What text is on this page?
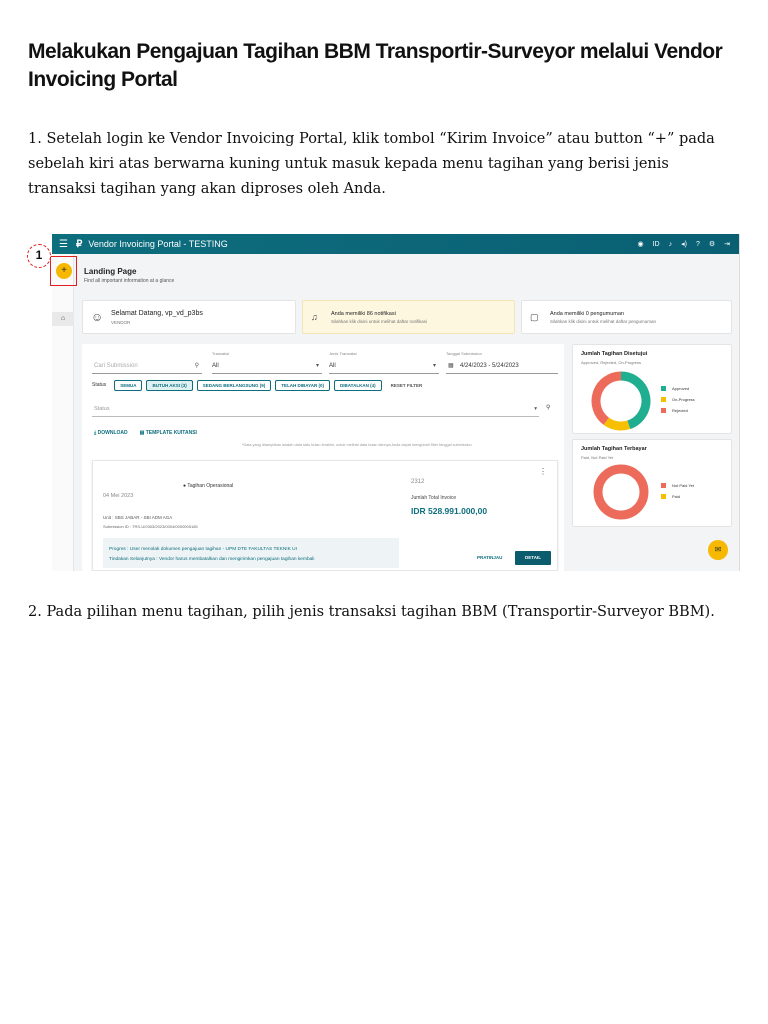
Melakukan Pengajuan Tagihan BBM Transportir-Surveyor melalui Vendor Invoicing Portal
1. Setelah login ke Vendor Invoicing Portal, klik tombol “Kirim Invoice” atau button “+” pada sebelah kiri atas berwarna kuning untuk masuk kepada menu tagihan yang berisi jenis transaksi tagihan yang akan diproses oleh Anda.
☰ ₽ Vendor Invoicing Portal - TESTING	◉ ID ♪ ◂) ? ⚙ ⇥
+
⌂
Landing Page
Find all important information at a glance
☺ Selamat Datang, vp_vd_p3bs
VENDOR
♫ Anda memiliki 86 notifikasi
Silahkan klik disini untuk melihat daftar notifikasi	▢ Anda memiliki 0 pengumuman
Silahkan klik disini untuk melihat daftar pengumuman
Cari Submission	⚲
Transaksi
All	▾
Jenis Transaksi
All	▾
Tanggal Submission
4/24/2023 - 5/24/2023
▦
Status	SEMUA	BUTUH AKSI (3)	SEDANG BERLANGSUNG (9)	TELAH DIBAYAR (0)	DIBATALKAN (4)	RESET FILTER
Status	▾ ⚲
⤓ DOWNLOAD ▤ TEMPLATE KUITANSI
*Data yang ditampilkan adalah data satu bulan terakhir, untuk melihat data bulan lainnya Anda dapat mengubah filter tanggal submission
⋮
● Tagihan Operasional
04 Mei 2023
Unit : SBS JABAR - SBI ADM AGA
Submission ID : TRS-U/0303/2023/0004/0000005165
Progres : User menolak dokumen pengajuan tagihan - UPM DTE FAKULTAS TEKNIK UI
Tindakan Selanjutnya : Vendor harus membatalkan dan mengirimkan pengajuan tagihan kembali
2312
Jumlah Total Invoice
IDR 528.991.000,00
PRATINJAU	DETAIL
Jumlah Tagihan Disetujui
Approved, Rejected, On-Progress
Approved
On-Progress
Rejected
Jumlah Tagihan Terbayar
Paid, Not Paid Yet
Not Paid Yet
Paid
✉
1
2. Pada pilihan menu tagihan, pilih jenis transaksi tagihan BBM (Transportir-Surveyor BBM).
